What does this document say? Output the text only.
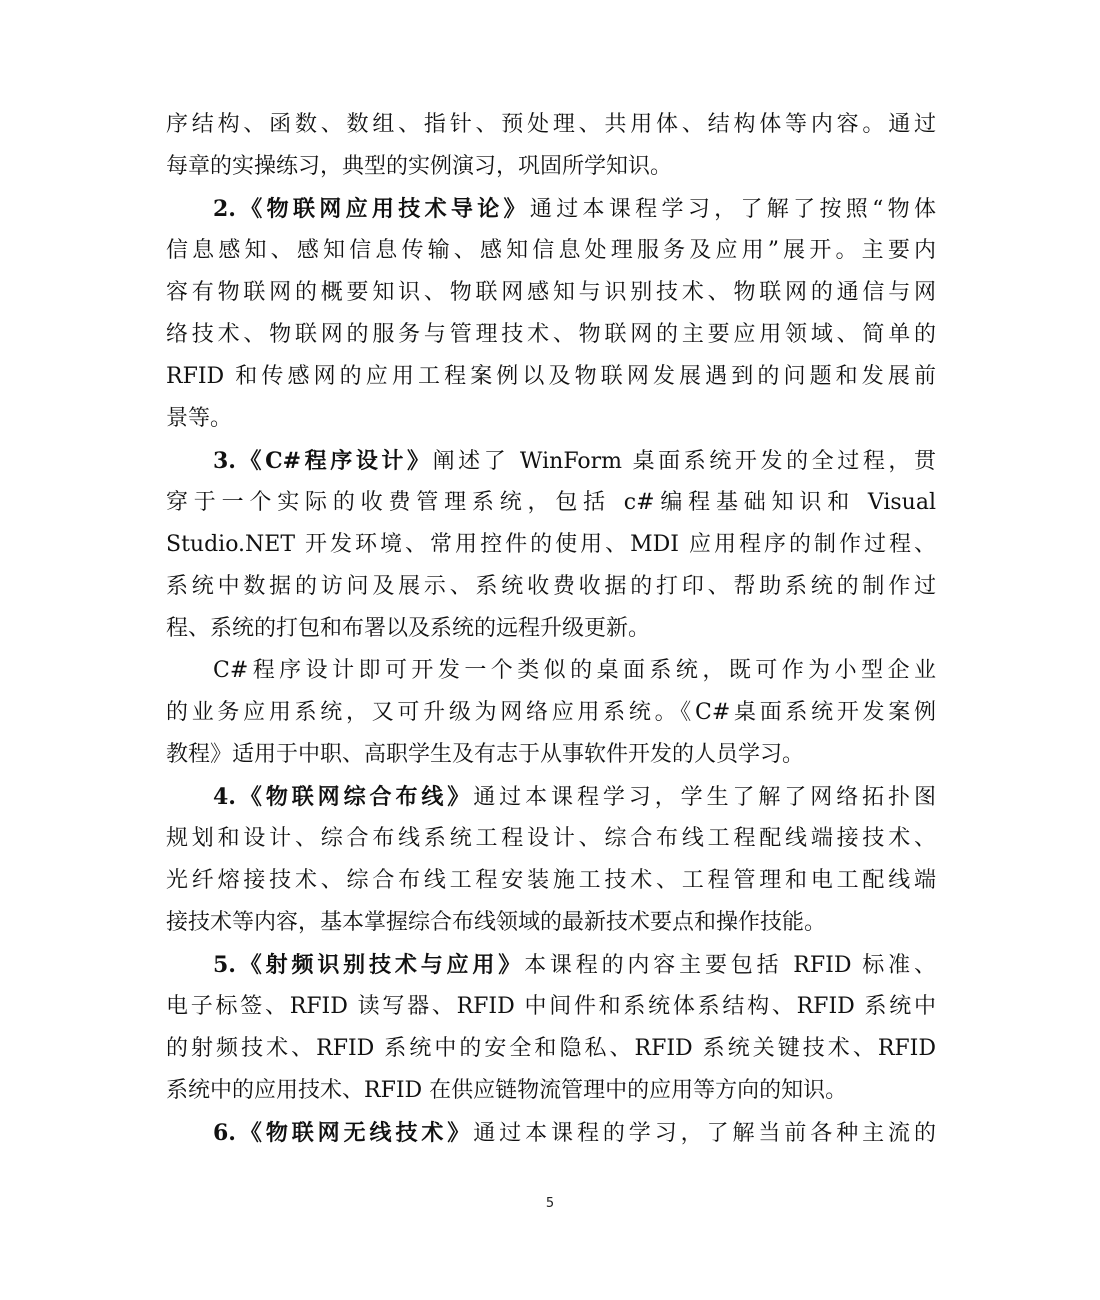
序结构、函数、数组、指针、预处理、共用体、结构体等内容。通过
每章的实操练习，典型的实例演习，巩固所学知识。
2.《物联网应用技术导论》通过本课程学习，了解了按照“物体
信息感知、感知信息传输、感知信息处理服务及应用”展开。主要内
容有物联网的概要知识、物联网感知与识别技术、物联网的通信与网
络技术、物联网的服务与管理技术、物联网的主要应用领域、简单的
RFID 和传感网的应用工程案例以及物联网发展遇到的问题和发展前
景等。
3.《C#程序设计》阐述了 WinForm 桌面系统开发的全过程，贯
穿于一个实际的收费管理系统，包括 c#编程基础知识和 Visual
Studio.NET 开发环境、常用控件的使用、MDI 应用程序的制作过程、
系统中数据的访问及展示、系统收费收据的打印、帮助系统的制作过
程、系统的打包和布署以及系统的远程升级更新。
C#程序设计即可开发一个类似的桌面系统，既可作为小型企业
的业务应用系统，又可升级为网络应用系统。《C#桌面系统开发案例
教程》适用于中职、高职学生及有志于从事软件开发的人员学习。
4.《物联网综合布线》通过本课程学习，学生了解了网络拓扑图
规划和设计、综合布线系统工程设计、综合布线工程配线端接技术、
光纤熔接技术、综合布线工程安装施工技术、工程管理和电工配线端
接技术等内容，基本掌握综合布线领域的最新技术要点和操作技能。
5.《射频识别技术与应用》本课程的内容主要包括 RFID 标准、
电子标签、RFID 读写器、RFID 中间件和系统体系结构、RFID 系统中
的射频技术、RFID 系统中的安全和隐私、RFID 系统关键技术、RFID
系统中的应用技术、RFID 在供应链物流管理中的应用等方向的知识。
6.《物联网无线技术》通过本课程的学习，了解当前各种主流的
5
